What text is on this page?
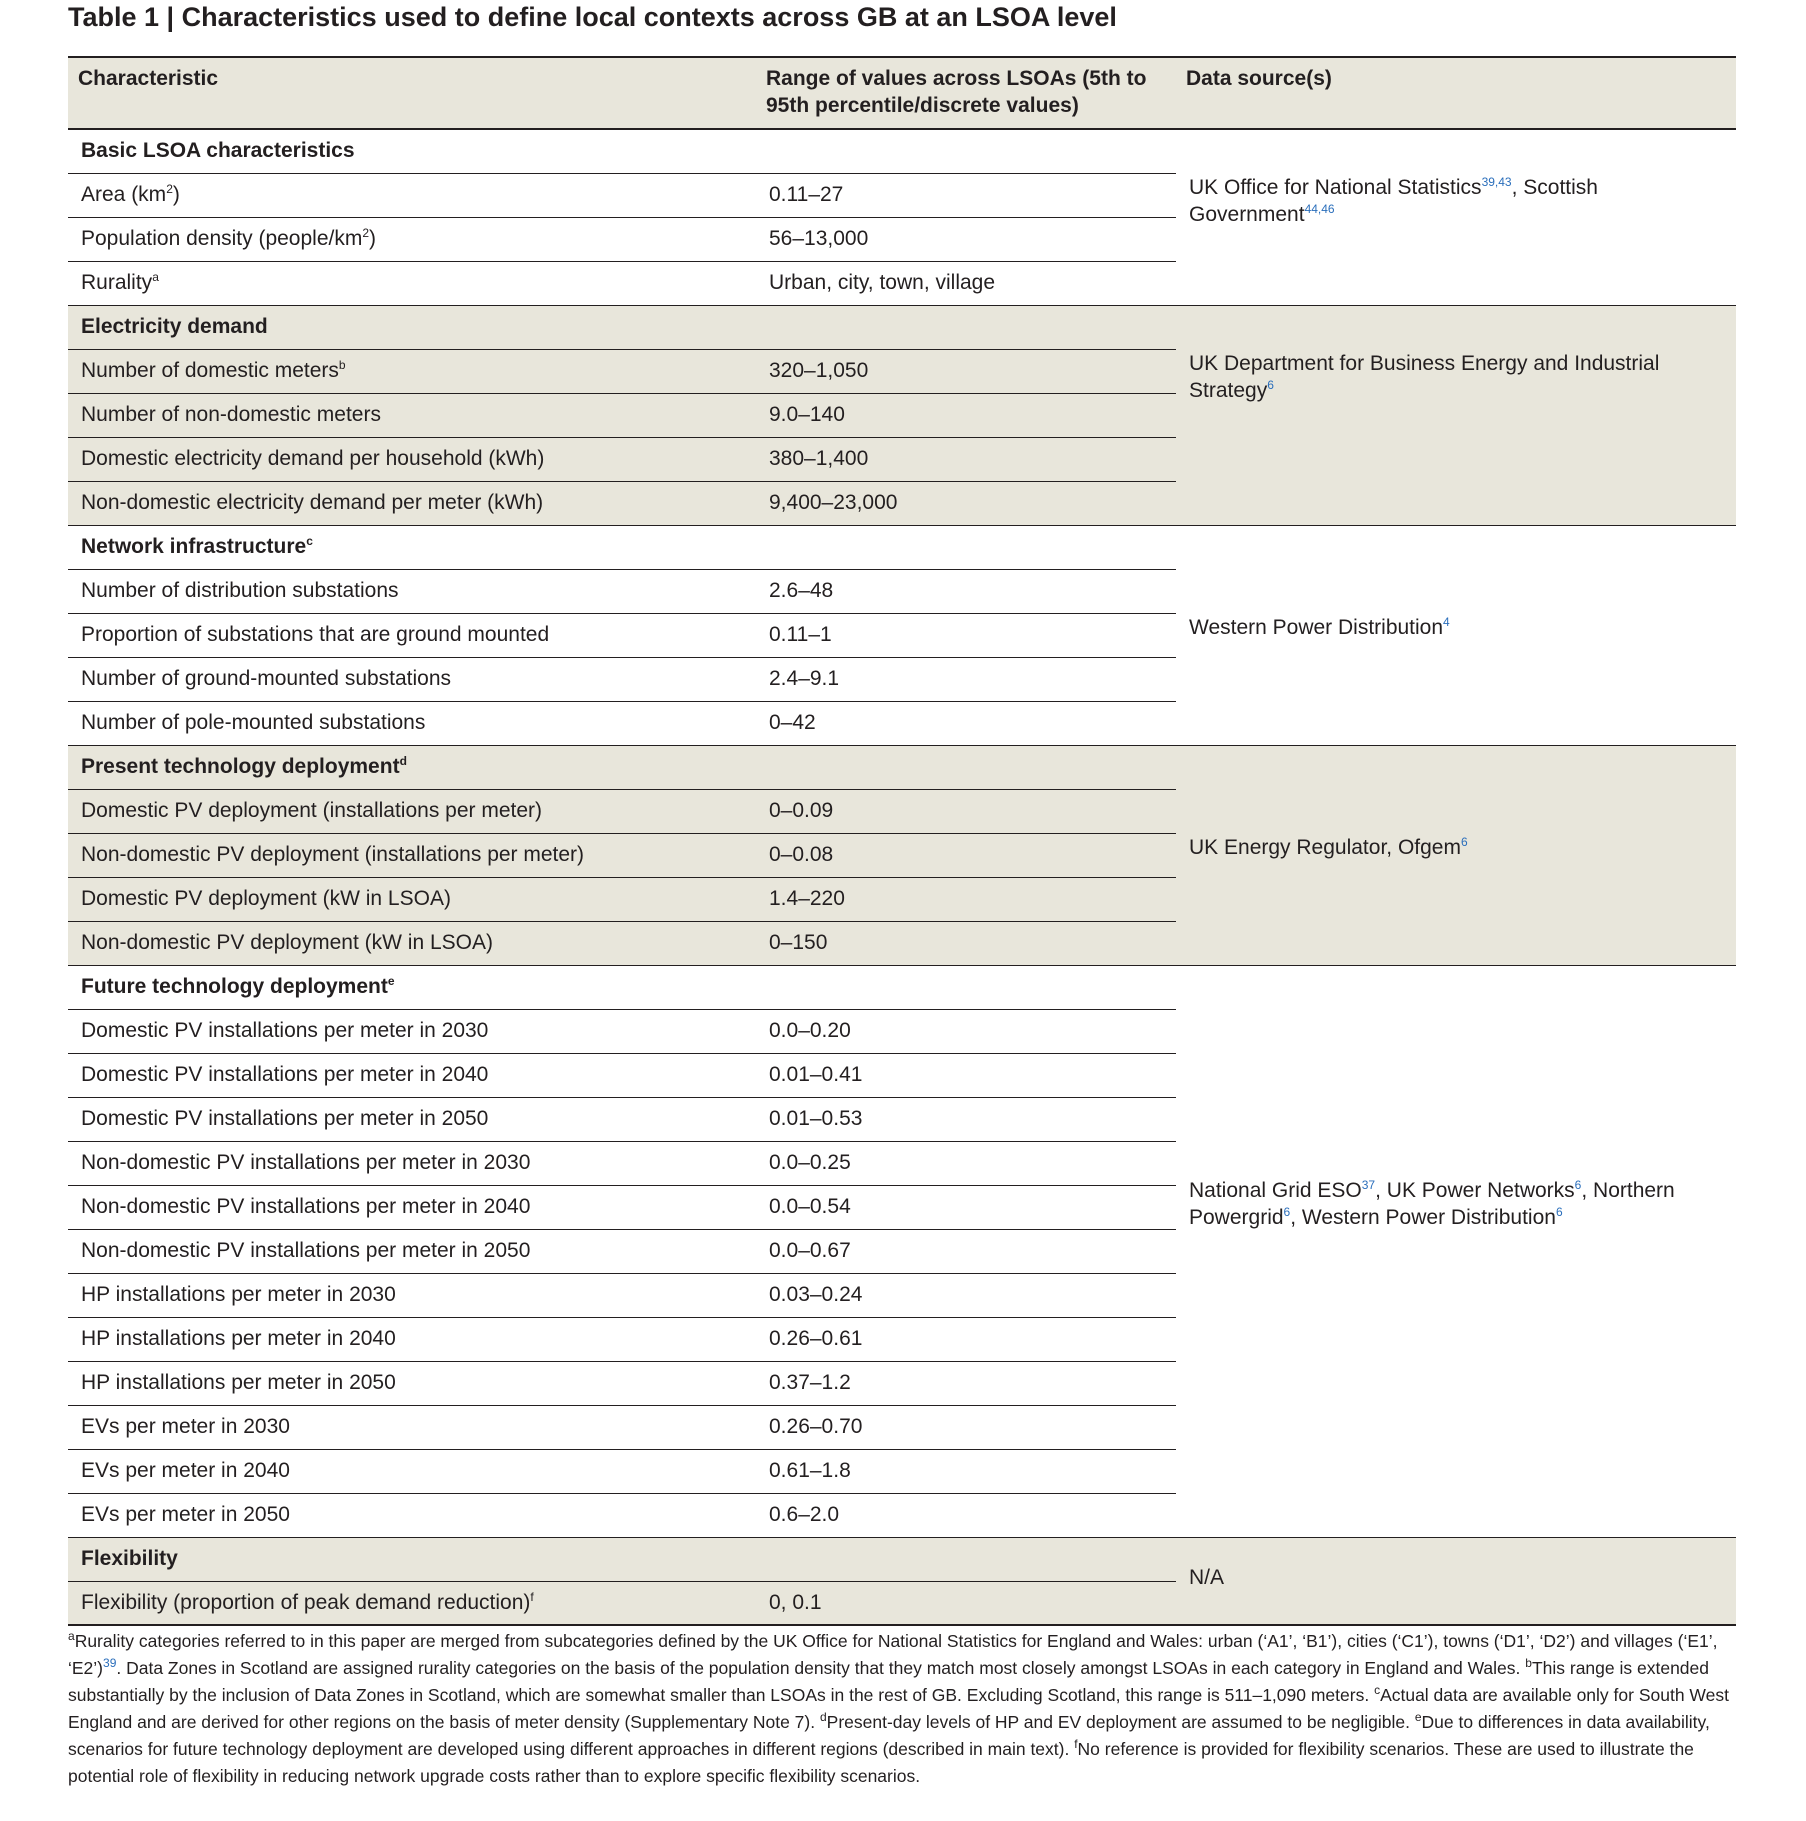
Table 1 | Characteristics used to define local contexts across GB at an LSOA level
Characteristic	Range of values across LSOAs (5th to 95th percentile/discrete values)	Data source(s)
Basic LSOA characteristics		UK Office for National Statistics$^{39,43}$, Scottish Government$^{44,46}$

Area $(km^2)$	0.11–27	
Population density $(people/km^2)$	56–13,000	
Rurality$^a$	Urban, city, town, village	
Electricity demand		UK Department for Business Energy and Industrial Strategy$^6$

Number of domestic meters$^b$	320–1,050	
Number of non-domestic meters	9.0–140	
Domestic electricity demand per household (kWh)	380–1,400	
Non-domestic electricity demand per meter (kWh)	9,400–23,000	
Network infrastructure$^c$		Western Power Distribution$^4$

Number of distribution substations	2.6–48	
Proportion of substations that are ground mounted	0.11–1	
Number of ground-mounted substations	2.4–9.1	
Number of pole-mounted substations	0–42	
Present technology deployment$^d$		UK Energy Regulator, Ofgem$^6$

Domestic PV deployment (installations per meter)	0–0.09	
Non-domestic PV deployment (installations per meter)	0–0.08	
Domestic PV deployment (kW in LSOA)	1.4–220	
Non-domestic PV deployment (kW in LSOA)	0–150	
Future technology deployment$^e$		National Grid ESO$^{37}$, UK Power Networks$^6$, Northern Powergrid$^6$, Western Power Distribution$^6$

Domestic PV installations per meter in 2030	0.0–0.20	
Domestic PV installations per meter in 2040	0.01–0.41	
Domestic PV installations per meter in 2050	0.01–0.53	
Non-domestic PV installations per meter in 2030	0.0–0.25	
Non-domestic PV installations per meter in 2040	0.0–0.54	
Non-domestic PV installations per meter in 2050	0.0–0.67	
HP installations per meter in 2030	0.03–0.24	
HP installations per meter in 2040	0.26–0.61	
HP installations per meter in 2050	0.37–1.2	
EVs per meter in 2030	0.26–0.70	
EVs per meter in 2040	0.61–1.8	
EVs per meter in 2050	0.6–2.0	
Flexibility		N/A

Flexibility (proportion of peak demand reduction)$^f$	0, 0.1	

$^a$Rurality categories referred to in this paper are merged from subcategories defined by the UK Office for National Statistics for England and Wales: urban (‘A1’, ‘B1’), cities (‘C1’), towns (‘D1’, ‘D2’) and villages (‘E1’, ‘E2’)$^{39}$. Data Zones in Scotland are assigned rurality categories on the basis of the population density that they match most closely amongst LSOAs in each category in England and Wales. $^b$This range is extended substantially by the inclusion of Data Zones in Scotland, which are somewhat smaller than LSOAs in the rest of GB. Excluding Scotland, this range is 511–1,090 meters. $^c$Actual data are available only for South West England and are derived for other regions on the basis of meter density (Supplementary Note 7). $^d$Present-day levels of HP and EV deployment are assumed to be negligible. $^e$Due to differences in data availability, scenarios for future technology deployment are developed using different approaches in different regions (described in main text). $^f$No reference is provided for flexibility scenarios. These are used to illustrate the potential role of flexibility in reducing network upgrade costs rather than to explore specific flexibility scenarios.
